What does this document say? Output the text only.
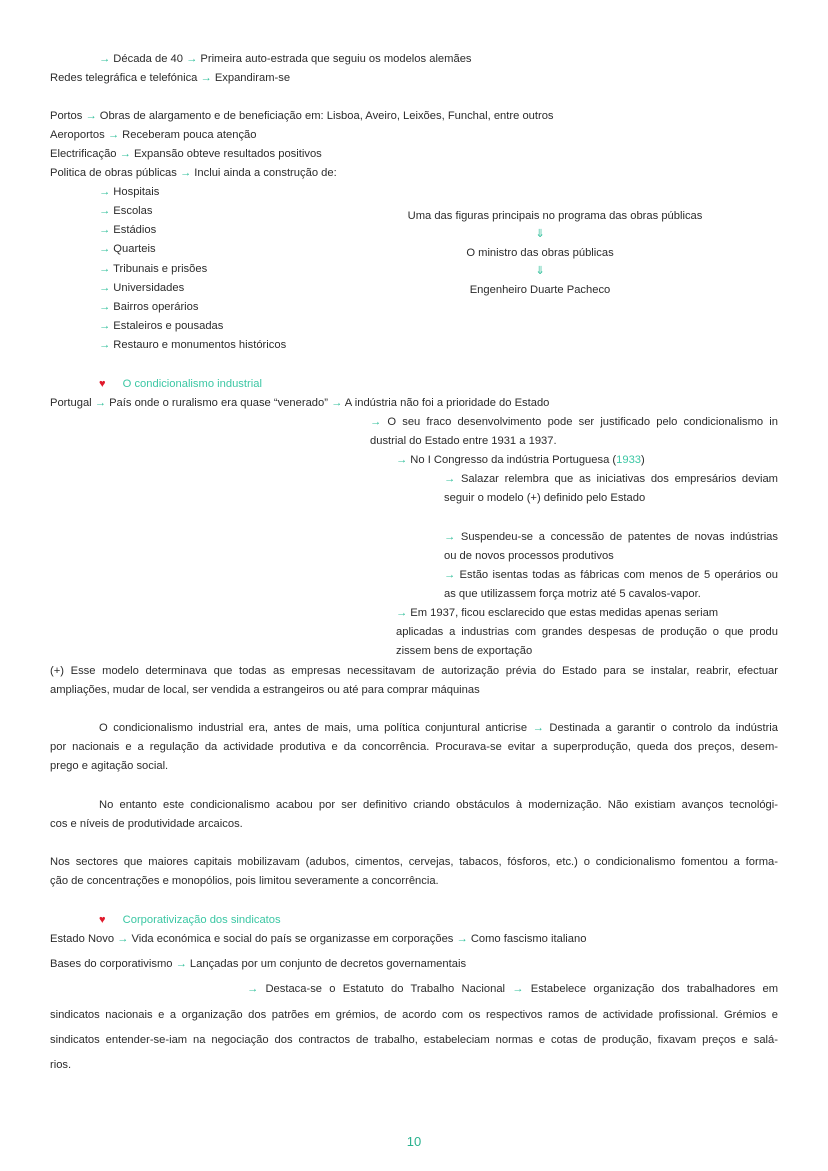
→ Década de 40 → Primeira auto-estrada que seguiu os modelos alemães
Redes telegráfica e telefónica → Expandiram-se
Portos → Obras de alargamento e de beneficiação em: Lisboa, Aveiro, Leixões, Funchal, entre outros
Aeroportos → Receberam pouca atenção
Electrificação → Expansão obteve resultados positivos
Politica de obras públicas → Inclui ainda a construção de:
→ Hospitais
→ Escolas
→ Estádios
→ Quarteis
→ Tribunais e prisões
→ Universidades
→ Bairros operários
→ Estaleiros e pousadas
→ Restauro e monumentos históricos
Uma das figuras principais no programa das obras públicas
⇓
O ministro das obras públicas
⇓
Engenheiro Duarte Pacheco
♥ O condicionalismo industrial
Portugal → País onde o ruralismo era quase “venerado” → A indústria não foi a prioridade do Estado
→ O seu fraco desenvolvimento pode ser justificado pelo condicionalismo in
dustrial do Estado entre 1931 a 1937.
→ No I Congresso da indústria Portuguesa (1933)
→ Salazar relembra que as iniciativas dos empresários deviam
seguir o modelo (+) definido pelo Estado
→ Suspendeu-se a concessão de patentes de novas indústrias
ou de novos processos produtivos
→ Estão isentas todas as fábricas com menos de 5 operários ou
as que utilizassem força motriz até 5 cavalos-vapor.
→ Em 1937, ficou esclarecido que estas medidas apenas seriam
aplicadas a industrias com grandes despesas de produção o que produ
zissem bens de exportação
(+) Esse modelo determinava que todas as empresas necessitavam de autorização prévia do Estado para se instalar, reabrir, efectuar
ampliações, mudar de local, ser vendida a estrangeiros ou até para comprar máquinas
O condicionalismo industrial era, antes de mais, uma política conjuntural anticrise → Destinada a garantir o controlo da indústria
por nacionais e a regulação da actividade produtiva e da concorrência. Procurava-se evitar a superprodução, queda dos preços, desem-
prego e agitação social.
No entanto este condicionalismo acabou por ser definitivo criando obstáculos à modernização. Não existiam avanços tecnológi-
cos e níveis de produtividade arcaicos.
Nos sectores que maiores capitais mobilizavam (adubos, cimentos, cervejas, tabacos, fósforos, etc.) o condicionalismo fomentou a forma-
ção de concentrações e monopólios, pois limitou severamente a concorrência.
♥ Corporativização dos sindicatos
Estado Novo → Vida económica e social do país se organizasse em corporações → Como fascismo italiano
Bases do corporativismo → Lançadas por um conjunto de decretos governamentais
→ Destaca-se o Estatuto do Trabalho Nacional → Estabelece organização dos trabalhadores em
sindicatos nacionais e a organização dos patrões em grémios, de acordo com os respectivos ramos de actividade profissional. Grémios e
sindicatos entender-se-iam na negociação dos contractos de trabalho, estabeleciam normas e cotas de produção, fixavam preços e salá-
rios.
10
